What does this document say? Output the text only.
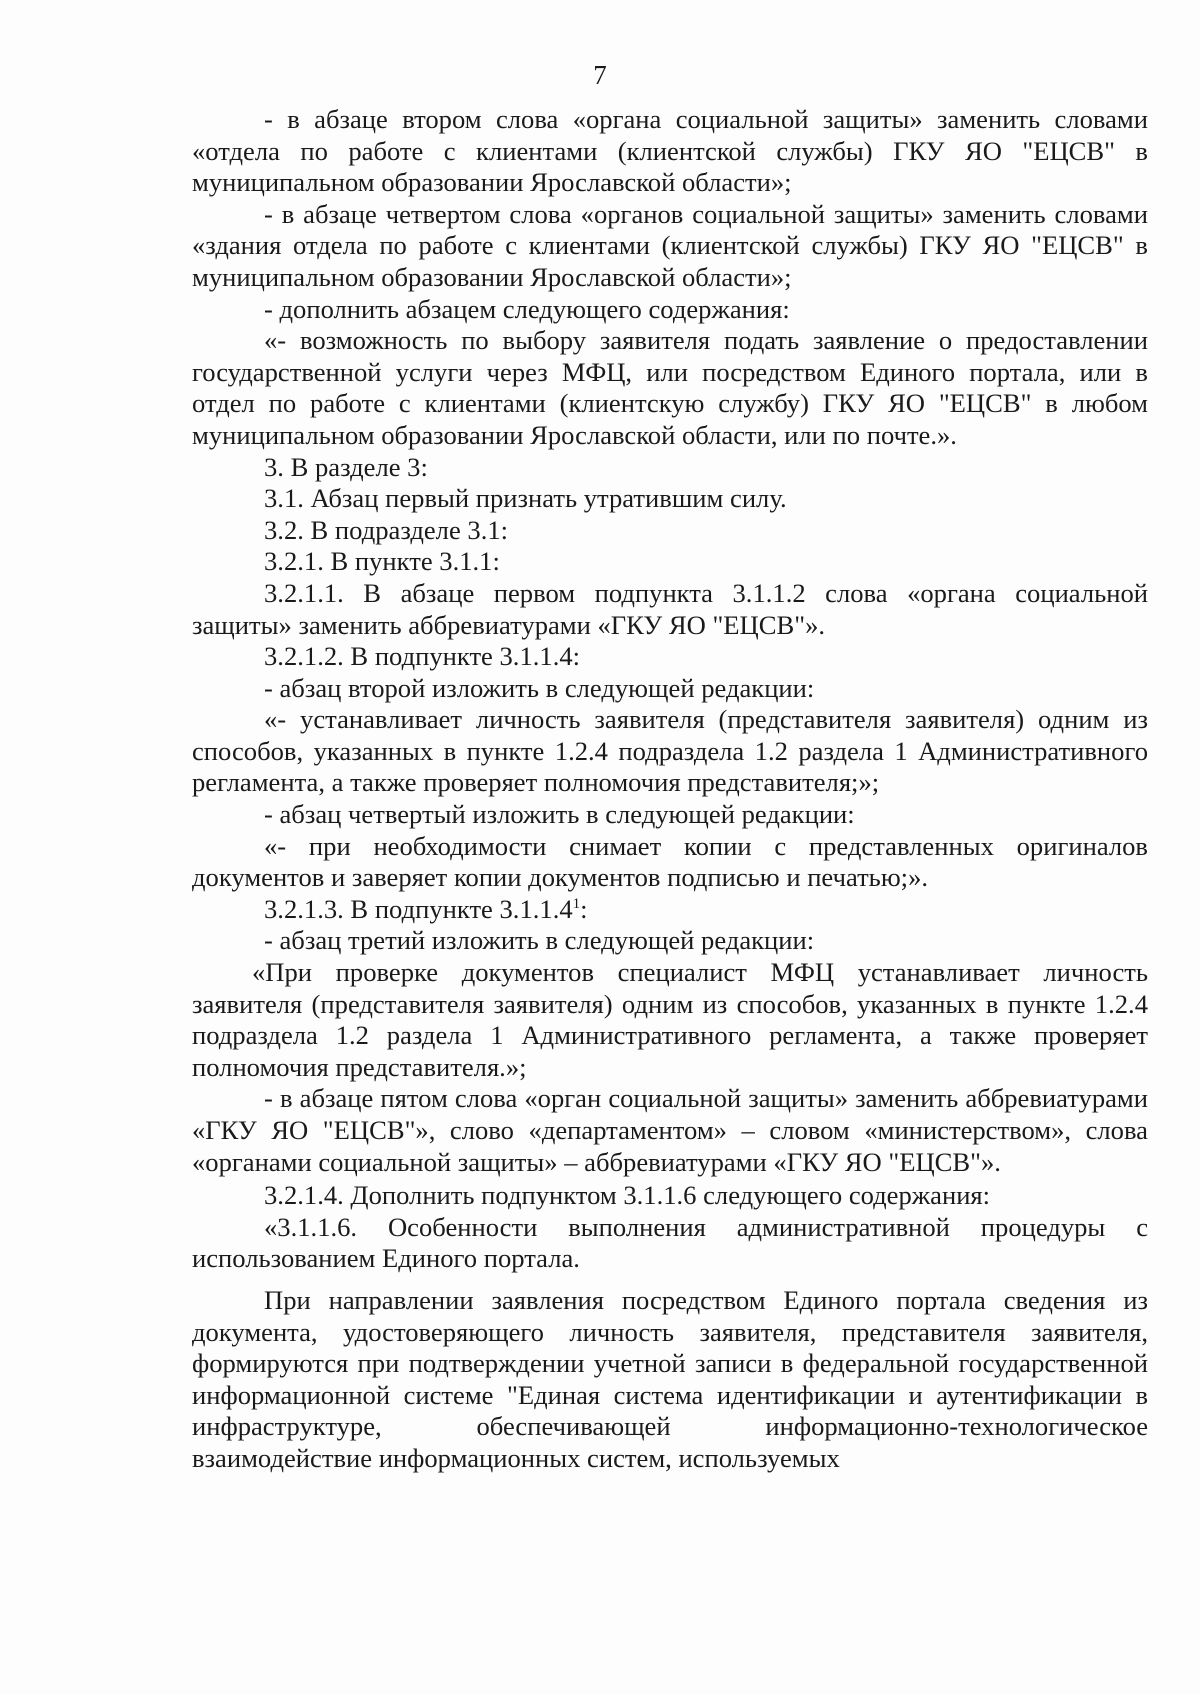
7

- в абзаце втором слова «органа социальной защиты» заменить словами «отдела по работе с клиентами (клиентской службы) ГКУ ЯО "ЕЦСВ" в муниципальном образовании Ярославской области»;

- в абзаце четвертом слова «органов социальной защиты» заменить словами «здания отдела по работе с клиентами (клиентской службы) ГКУ ЯО "ЕЦСВ" в муниципальном образовании Ярославской области»;

- дополнить абзацем следующего содержания:

«- возможность по выбору заявителя подать заявление о предоставлении государственной услуги через МФЦ, или посредством Единого портала, или в отдел по работе с клиентами (клиентскую службу) ГКУ ЯО "ЕЦСВ" в любом муниципальном образовании Ярославской области, или по почте.».

3. В разделе 3:

3.1. Абзац первый признать утратившим силу.

3.2. В подразделе 3.1:

3.2.1. В пункте 3.1.1:

3.2.1.1. В абзаце первом подпункта 3.1.1.2 слова «органа социальной защиты» заменить аббревиатурами «ГКУ ЯО "ЕЦСВ"».

3.2.1.2. В подпункте 3.1.1.4:

- абзац второй изложить в следующей редакции:

«- устанавливает личность заявителя (представителя заявителя) одним из способов, указанных в пункте 1.2.4 подраздела 1.2 раздела 1 Административного регламента, а также проверяет полномочия представителя;»;

- абзац четвертый изложить в следующей редакции:

«- при необходимости снимает копии с представленных оригиналов документов и заверяет копии документов подписью и печатью;».

3.2.1.3. В подпункте 3.1.1.4$^1$:

- абзац третий изложить в следующей редакции:

«При проверке документов специалист МФЦ устанавливает личность заявителя (представителя заявителя) одним из способов, указанных в пункте 1.2.4 подраздела 1.2 раздела 1 Административного регламента, а также проверяет полномочия представителя.»;

- в абзаце пятом слова «орган социальной защиты» заменить аббревиатурами «ГКУ ЯО "ЕЦСВ"», слово «департаментом» – словом «министерством», слова «органами социальной защиты» – аббревиатурами «ГКУ ЯО "ЕЦСВ"».

3.2.1.4. Дополнить подпунктом 3.1.1.6 следующего содержания:

«3.1.1.6. Особенности выполнения административной процедуры с использованием Единого портала.

При направлении заявления посредством Единого портала сведения из документа, удостоверяющего личность заявителя, представителя заявителя, формируются при подтверждении учетной записи в федеральной государственной информационной системе "Единая система идентификации и аутентификации в инфраструктуре, обеспечивающей информационно-технологическое взаимодействие информационных систем, используемых
